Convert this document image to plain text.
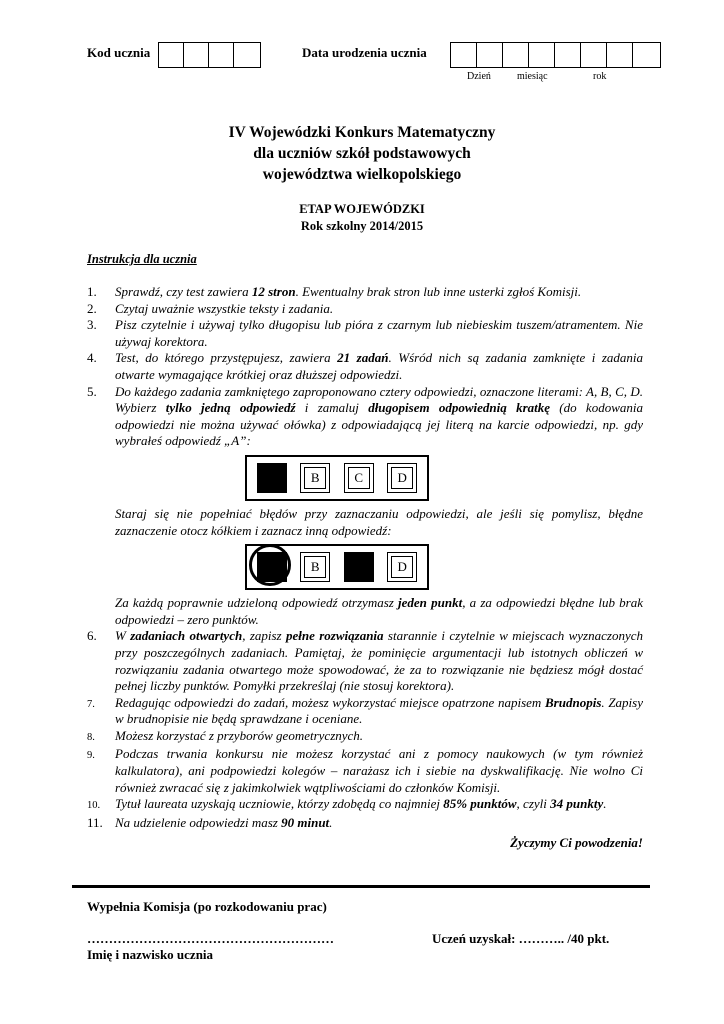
Kod ucznia	Data urodzenia ucznia
Dzień	miesiąc	rok
IV Wojewódzki Konkurs Matematyczny
dla uczniów szkół podstawowych
województwa wielkopolskiego
ETAP WOJEWÓDZKI
Rok szkolny 2014/2015
Instrukcja dla ucznia
1.	Sprawdź, czy test zawiera 12 stron. Ewentualny brak stron lub inne usterki zgłoś Komisji.
2.	Czytaj uważnie wszystkie teksty i zadania.
3.	Pisz czytelnie i używaj tylko długopisu lub pióra z czarnym lub niebieskim tuszem/atramentem. Nie używaj korektora.
4.	Test, do którego przystępujesz, zawiera 21 zadań. Wśród nich są zadania zamknięte i zadania otwarte wymagające krótkiej oraz dłuższej odpowiedzi.
5.	Do każdego zadania zamkniętego zaproponowano cztery odpowiedzi, oznaczone literami: A, B, C, D. Wybierz tylko jedną odpowiedź i zamaluj długopisem odpowiednią kratkę (do kodowania odpowiedzi nie można używać ołówka) z odpowiadającą jej literą na karcie odpowiedzi, np. gdy wybrałeś odpowiedź „A”:
B	C	D
Staraj się nie popełniać błędów przy zaznaczaniu odpowiedzi, ale jeśli się pomylisz, błędne zaznaczenie otocz kółkiem i zaznacz inną odpowiedź:
B	D
Za każdą poprawnie udzieloną odpowiedź otrzymasz jeden punkt, a za odpowiedzi błędne lub brak odpowiedzi – zero punktów.
6.	W zadaniach otwartych, zapisz pełne rozwiązania starannie i czytelnie w miejscach wyznaczonych przy poszczególnych zadaniach. Pamiętaj, że pominięcie argumentacji lub istotnych obliczeń w rozwiązaniu zadania otwartego może spowodować, że za to rozwiązanie nie będziesz mógł dostać pełnej liczby punktów. Pomyłki przekreślaj (nie stosuj korektora).
7.	Redagując odpowiedzi do zadań, możesz wykorzystać miejsce opatrzone napisem Brudnopis. Zapisy w brudnopisie nie będą sprawdzane i oceniane.
8.	Możesz korzystać z przyborów geometrycznych.
9.	Podczas trwania konkursu nie możesz korzystać ani z pomocy naukowych (w tym również kalkulatora), ani podpowiedzi kolegów – narażasz ich i siebie na dyskwalifikację. Nie wolno Ci również zwracać się z jakimkolwiek wątpliwościami do członków Komisji.
10.	Tytuł laureata uzyskają uczniowie, którzy zdobędą co najmniej 85% punktów, czyli 34 punkty.
11. Na udzielenie odpowiedzi masz 90 minut.
Życzymy Ci powodzenia!
Wypełnia Komisja (po rozkodowaniu prac)
…………………………………………………
Imię i nazwisko ucznia
Uczeń uzyskał: ……….. /40 pkt.
